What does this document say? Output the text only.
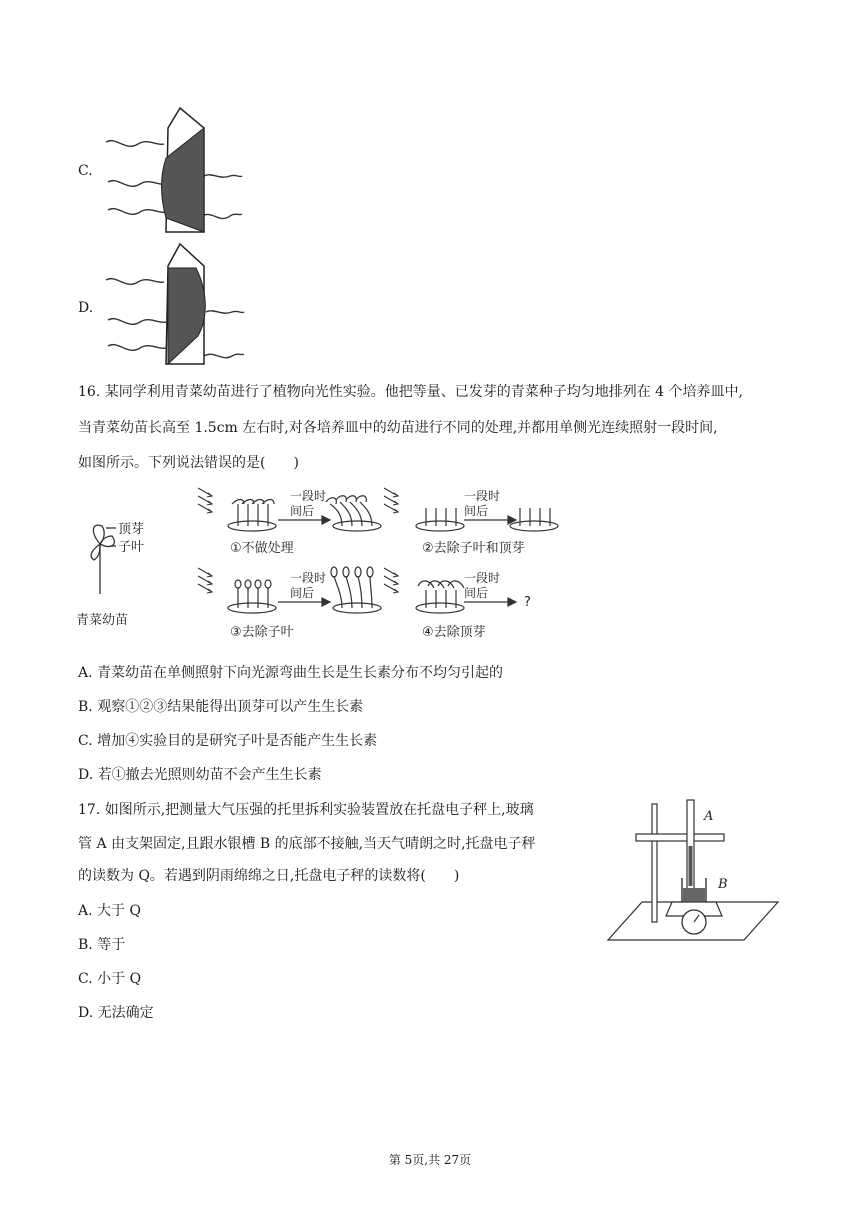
C.
D.
16. 某同学利用青菜幼苗进行了植物向光性实验。他把等量、已发芽的青菜种子均匀地排列在 4 个培养皿中,
当青菜幼苗长高至 1.5cm 左右时,对各培养皿中的幼苗进行不同的处理,并都用单侧光连续照射一段时间,
如图所示。下列说法错误的是(　　)
顶芽
子叶
青菜幼苗
一段时
间后
①不做处理
一段时
间后
②去除子叶和顶芽
一段时
间后
③去除子叶
一段时
间后
?
④去除顶芽
A. 青菜幼苗在单侧照射下向光源弯曲生长是生长素分布不均匀引起的
B. 观察①②③结果能得出顶芽可以产生生长素
C. 增加④实验目的是研究子叶是否能产生生长素
D. 若①撤去光照则幼苗不会产生生长素
17. 如图所示,把测量大气压强的托里拆利实验装置放在托盘电子秤上,玻璃
管 A 由支架固定,且跟水银槽 B 的底部不接触,当天气晴朗之时,托盘电子秤
的读数为 Q。若遇到阴雨绵绵之日,托盘电子秤的读数将(　　)
A
B
A. 大于 Q
B. 等于
C. 小于 Q
D. 无法确定
第 5页,共 27页
